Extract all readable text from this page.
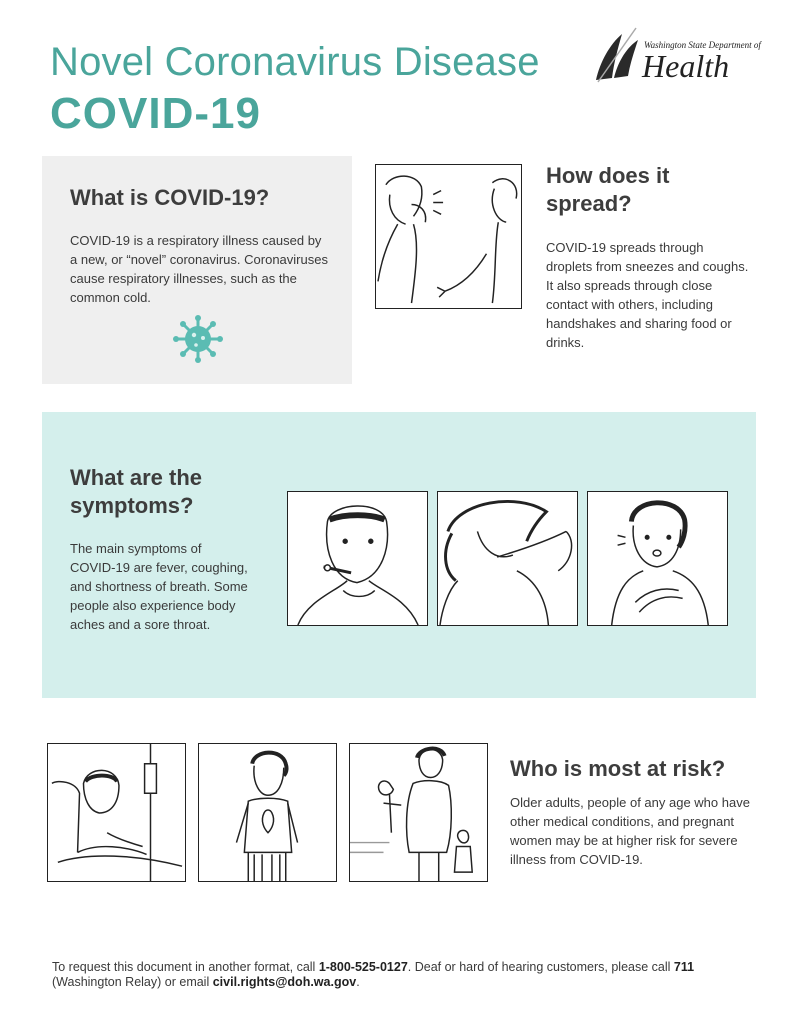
Novel Coronavirus Disease
COVID-19
Washington State Department of
Health
What is COVID-19?
COVID-19 is a respiratory illness caused by a new, or “novel” coronavirus. Coronaviruses cause respiratory illnesses, such as the common cold.
How does it spread?
COVID-19 spreads through droplets from sneezes and coughs. It also spreads through close contact with others, including handshakes and sharing food or drinks.
What are the symptoms?
The main symptoms of COVID-19 are fever, coughing, and shortness of breath. Some people also experience body aches and a sore throat.
Who is most at risk?
Older adults, people of any age who have other medical conditions, and pregnant women may be at higher risk for severe illness from COVID-19.
To request this document in another format, call 1-800-525-0127. Deaf or hard of hearing customers, please call 711 (Washington Relay) or email civil.rights@doh.wa.gov.
